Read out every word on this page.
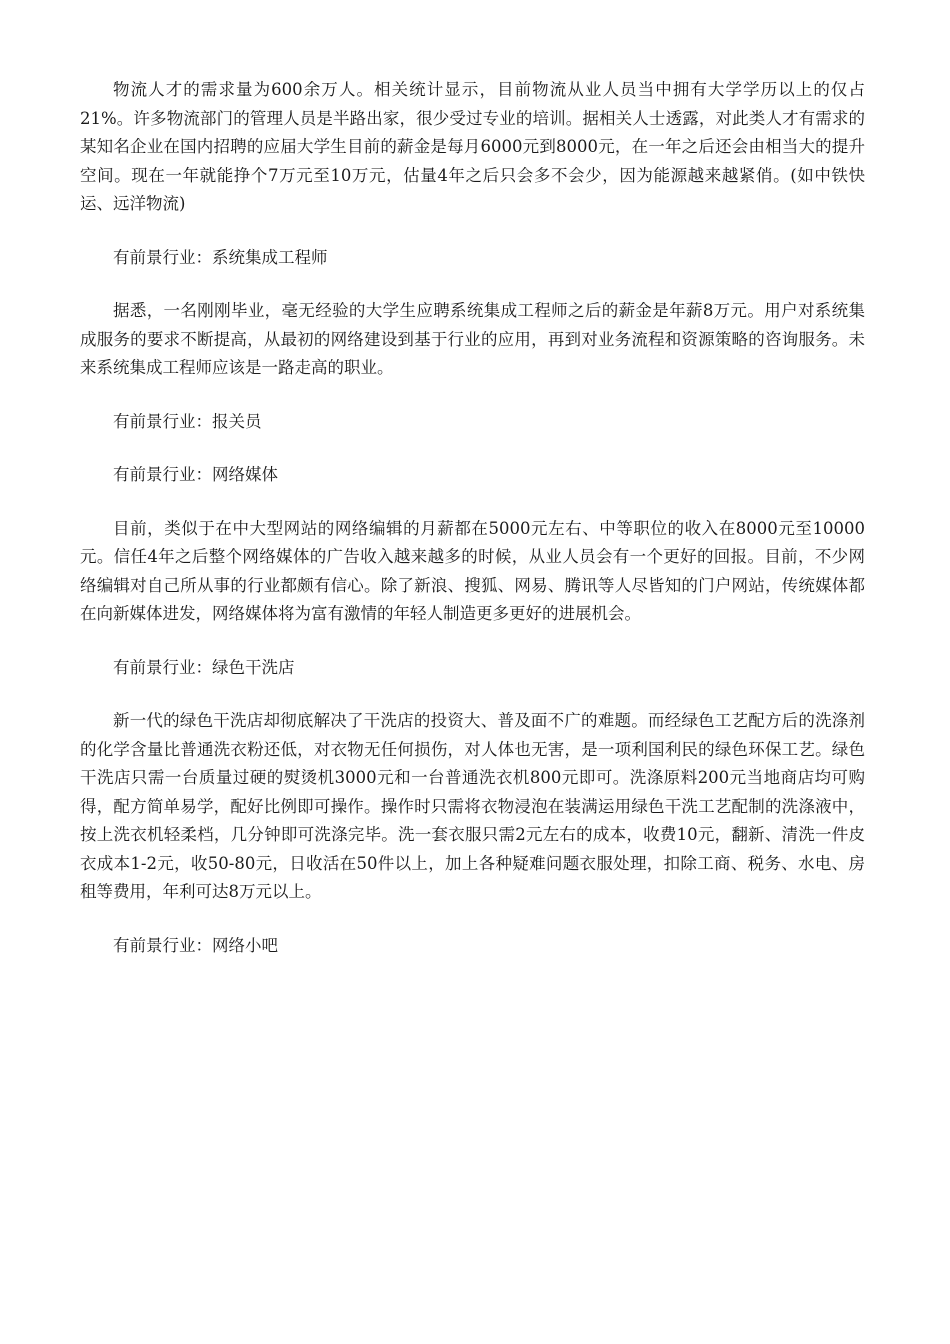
物流人才的需求量为600余万人。相关统计显示，目前物流从业人员当中拥有大学学历以上的仅占21%。许多物流部门的管理人员是半路出家，很少受过专业的培训。据相关人士透露，对此类人才有需求的某知名企业在国内招聘的应届大学生目前的薪金是每月6000元到8000元，在一年之后还会由相当大的提升空间。现在一年就能挣个7万元至10万元，估量4年之后只会多不会少，因为能源越来越紧俏。(如中铁快运、远洋物流)

有前景行业：系统集成工程师

据悉，一名刚刚毕业，毫无经验的大学生应聘系统集成工程师之后的薪金是年薪8万元。用户对系统集成服务的要求不断提高，从最初的网络建设到基于行业的应用，再到对业务流程和资源策略的咨询服务。未来系统集成工程师应该是一路走高的职业。

有前景行业：报关员

有前景行业：网络媒体

目前，类似于在中大型网站的网络编辑的月薪都在5000元左右、中等职位的收入在8000元至10000元。信任4年之后整个网络媒体的广告收入越来越多的时候，从业人员会有一个更好的回报。目前，不少网络编辑对自己所从事的行业都颇有信心。除了新浪、搜狐、网易、腾讯等人尽皆知的门户网站，传统媒体都在向新媒体进发，网络媒体将为富有激情的年轻人制造更多更好的进展机会。

有前景行业：绿色干洗店

新一代的绿色干洗店却彻底解决了干洗店的投资大、普及面不广的难题。而经绿色工艺配方后的洗涤剂的化学含量比普通洗衣粉还低，对衣物无任何损伤，对人体也无害，是一项利国利民的绿色环保工艺。绿色干洗店只需一台质量过硬的熨烫机3000元和一台普通洗衣机800元即可。洗涤原料200元当地商店均可购得，配方简单易学，配好比例即可操作。操作时只需将衣物浸泡在装满运用绿色干洗工艺配制的洗涤液中，按上洗衣机轻柔档，几分钟即可洗涤完毕。洗一套衣服只需2元左右的成本，收费10元，翻新、清洗一件皮衣成本1-2元，收50-80元，日收活在50件以上，加上各种疑难问题衣服处理，扣除工商、税务、水电、房租等费用，年利可达8万元以上。

有前景行业：网络小吧
